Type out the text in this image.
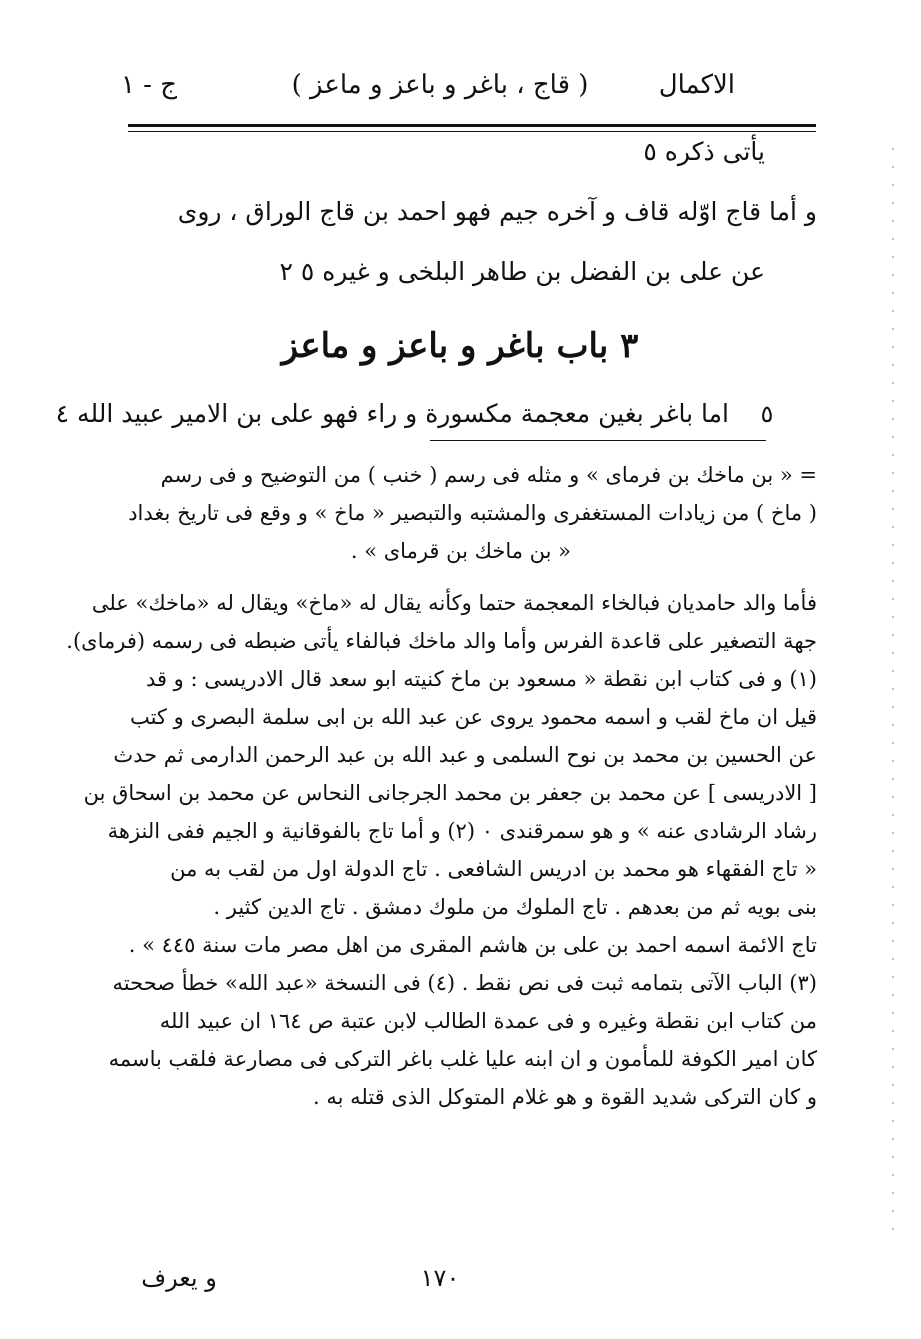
ج - ١	( قاج ، باغر و باعز و ماعز )	الاكمال
يأتى ذكره ٥
و أما قاج اوّله قاف و آخره جيم فهو احمد بن قاج الوراق ، روى
عن على بن الفضل بن طاهر البلخى و غيره ٥ ٢
٣ باب باغر و باعز و ماعز
٥
اما باغر بغين معجمة مكسورة و راء فهو على بن الامير عبيد الله ٤
= « بن ماخك بن فرماى » و مثله فى رسم ( خنب ) من التوضيح و فى رسم
( ماخ ) من زيادات المستغفرى والمشتبه والتبصير « ماخ » و وقع فى تاريخ بغداد
« بن ماخك بن قرماى » .
فأما والد حامديان فبالخاء المعجمة حتما وكأنه يقال له «ماخ» ويقال له «ماخك» على
جهة التصغير على قاعدة الفرس وأما والد ماخك فبالفاء يأتى ضبطه فى رسمه (فرماى).
(١) و فى كتاب ابن نقطة « مسعود بن ماخ كنيته ابو سعد قال الادريسى : و قد
قيل ان ماخ لقب و اسمه محمود يروى عن عبد الله بن ابى سلمة البصرى و كتب
عن الحسين بن محمد بن نوح السلمى و عبد الله بن عبد الرحمن الدارمى ثم حدث
[ الادريسى ] عن محمد بن جعفر بن محمد الجرجانى النحاس عن محمد بن اسحاق بن
رشاد الرشادى عنه » و هو سمرقندى ٠ (٢) و أما تاج بالفوقانية و الجيم ففى النزهة
« تاج الفقهاء هو محمد بن ادريس الشافعى . تاج الدولة اول من لقب به من
بنى بويه ثم من بعدهم . تاج الملوك من ملوك دمشق . تاج الدين كثير .
تاج الائمة اسمه احمد بن على بن هاشم المقرى من اهل مصر مات سنة ٤٤٥ » .
(٣) الباب الآتى بتمامه ثبت فى نص نقط . (٤) فى النسخة «عبد الله» خطأ صححته
من كتاب ابن نقطة وغيره و فى عمدة الطالب لابن عتبة ص ١٦٤ ان عبيد الله
كان امير الكوفة للمأمون و ان ابنه عليا غلب باغر التركى فى مصارعة فلقب باسمه
و كان التركى شديد القوة و هو غلام المتوكل الذى قتله به .
١٧٠
و يعرف
